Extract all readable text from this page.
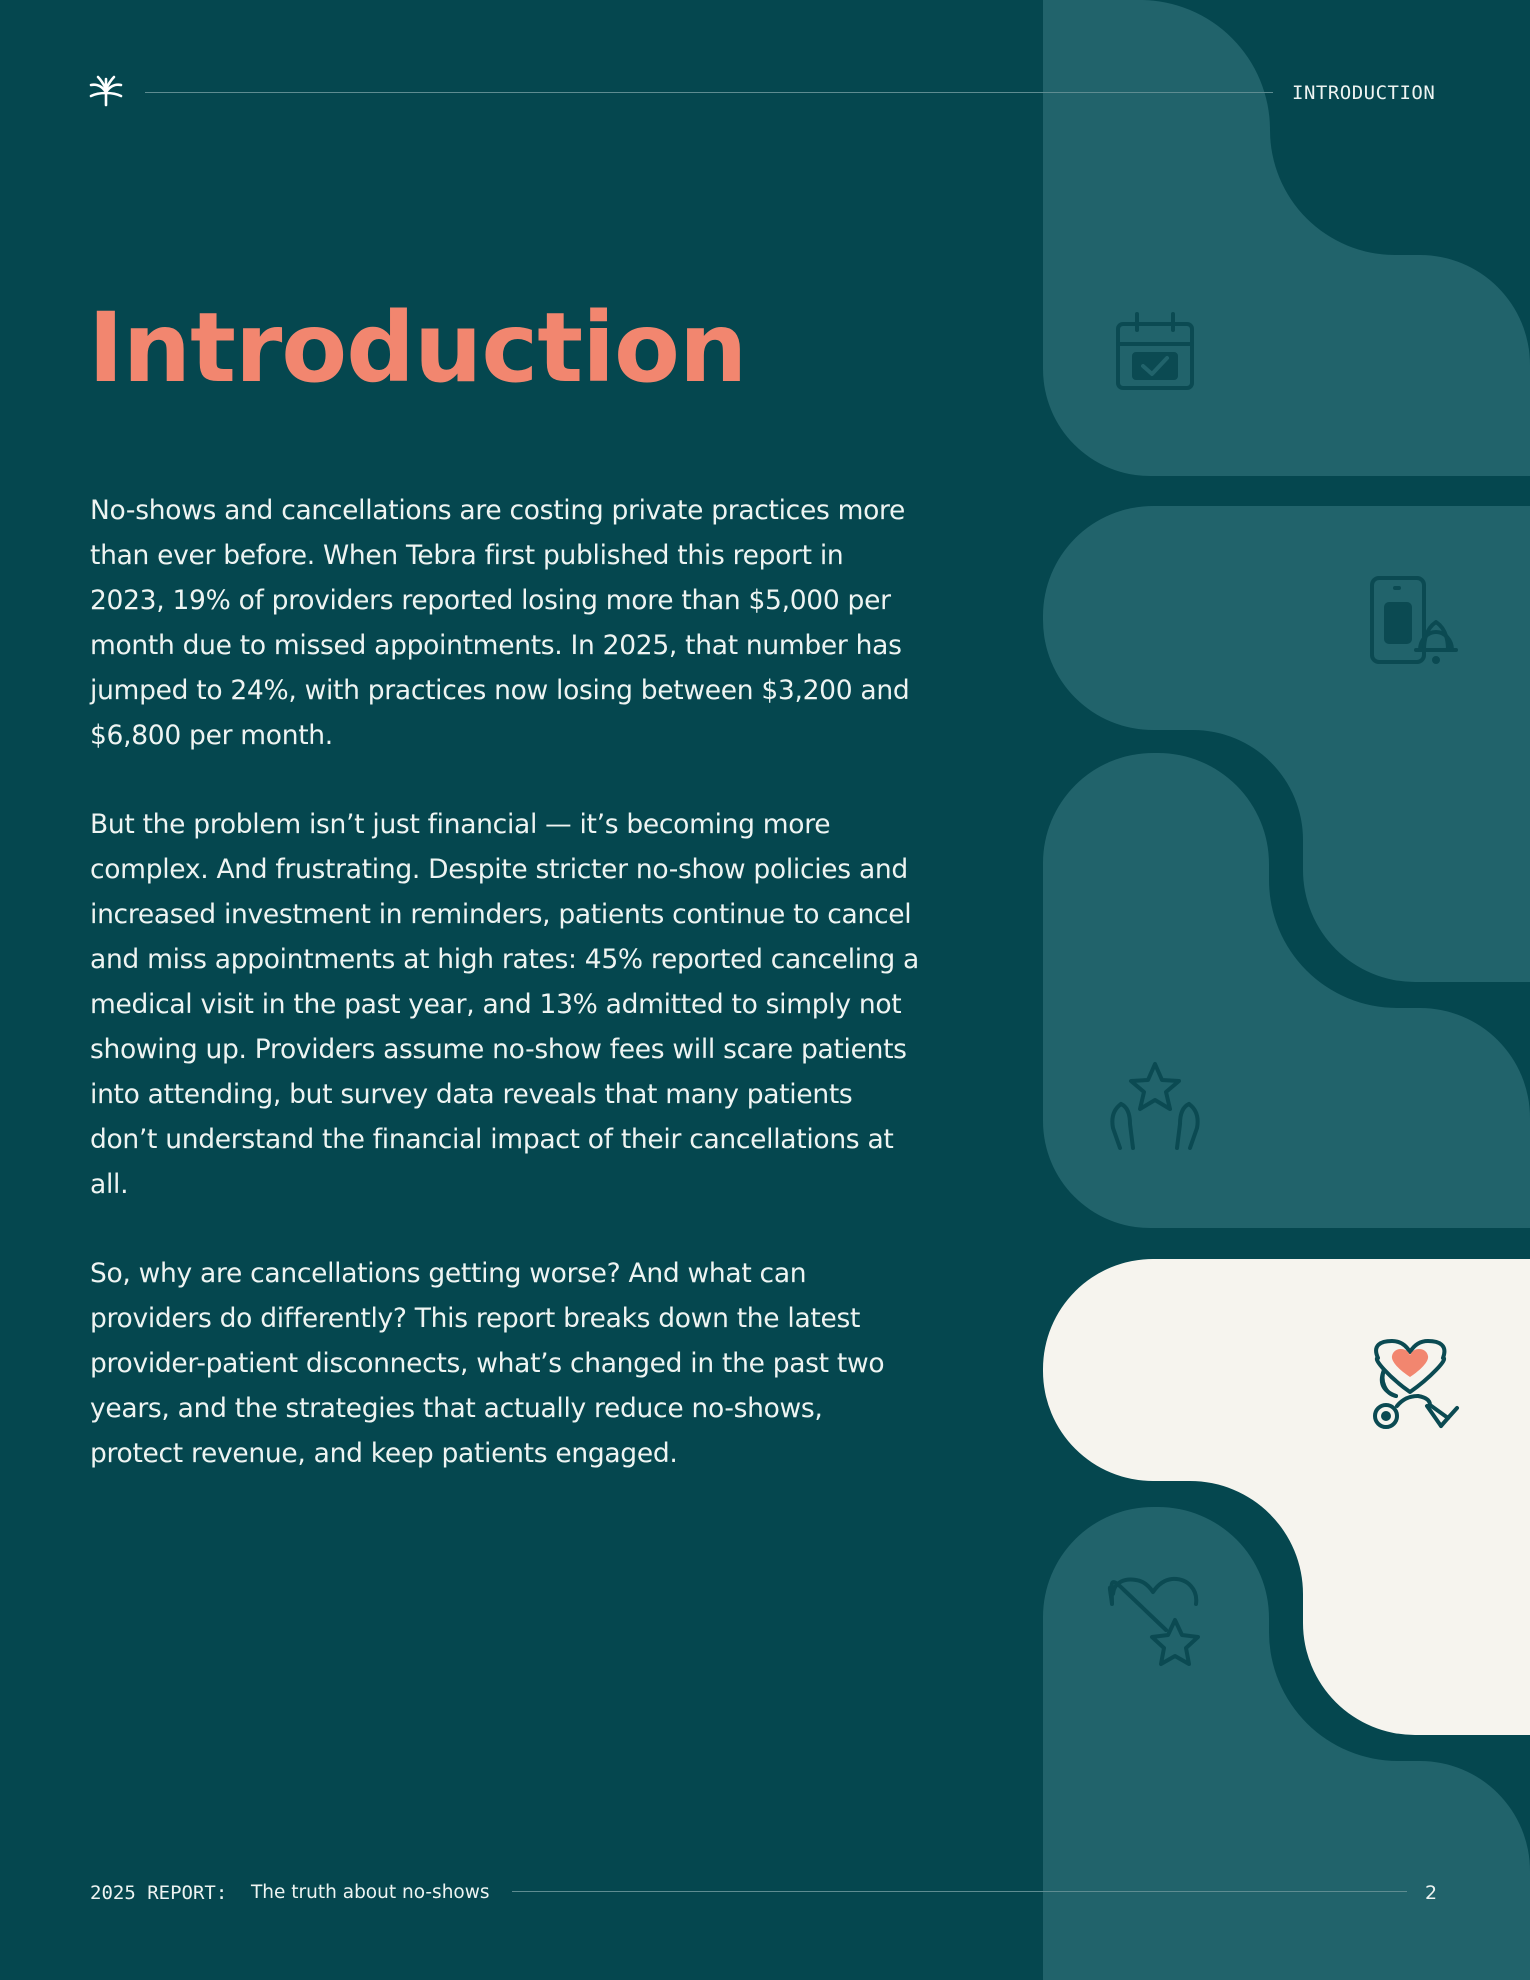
INTRODUCTION
Introduction

No-shows and cancellations are costing private practices more than ever before. When Tebra first published this report in 2023, 19% of providers reported losing more than $5,000 per month due to missed appointments. In 2025, that number has jumped to 24%, with practices now losing between $3,200 and $6,800 per month.

But the problem isn’t just financial — it’s becoming more complex. And frustrating. Despite stricter no-show policies and increased investment in reminders, patients continue to cancel and miss appointments at high rates: 45% reported canceling a medical visit in the past year, and 13% admitted to simply not showing up. Providers assume no-show fees will scare patients into attending, but survey data reveals that many patients don’t understand the financial impact of their cancellations at all.

So, why are cancellations getting worse? And what can providers do differently? This report breaks down the latest provider-patient disconnects, what’s changed in the past two years, and the strategies that actually reduce no-shows, protect revenue, and keep patients engaged.

2025 REPORT: The truth about no-shows	2
